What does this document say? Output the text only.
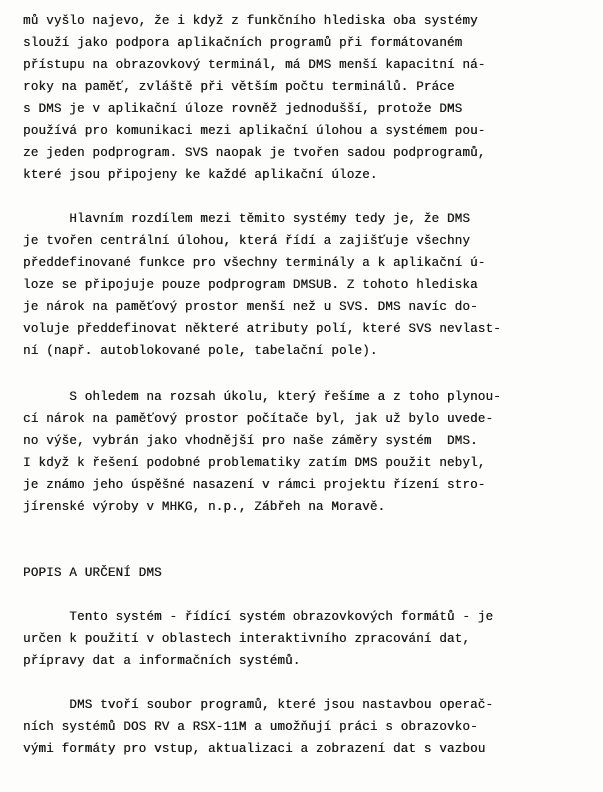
mů vyšlo najevo, že i když z funkčního hlediska oba systémy
slouží jako podpora aplikačních programů při formátovaném
přístupu na obrazovkový terminál, má DMS menší kapacitní ná-
roky na paměť, zvláště při větším počtu terminálů. Práce
s DMS je v aplikační úloze rovněž jednodušší, protože DMS
používá pro komunikaci mezi aplikační úlohou a systémem pou-
ze jeden podprogram. SVS naopak je tvořen sadou podprogramů,
které jsou připojeny ke každé aplikační úloze.
Hlavním rozdílem mezi těmito systémy tedy je, že DMS
je tvořen centrální úlohou, která řídí a zajišťuje všechny
předdefinované funkce pro všechny terminály a k aplikační ú-
loze se připojuje pouze podprogram DMSUB. Z tohoto hlediska
je nárok na paměťový prostor menší než u SVS. DMS navíc do-
voluje předdefinovat některé atributy polí, které SVS nevlast-
ní (např. autoblokované pole, tabelační pole).
S ohledem na rozsah úkolu, který řešíme a z toho plynou-
cí nárok na paměťový prostor počítače byl, jak už bylo uvede-
no výše, vybrán jako vhodnější pro naše záměry systém  DMS.
I když k řešení podobné problematiky zatím DMS použit nebyl,
je známo jeho úspěšné nasazení v rámci projektu řízení stro-
jírenské výroby v MHKG, n.p., Zábřeh na Moravě.
POPIS A URČENÍ DMS
Tento systém - řídící systém obrazovkových formátů - je
určen k použití v oblastech interaktivního zpracování dat,
přípravy dat a informačních systémů.
DMS tvoří soubor programů, které jsou nastavbou operač-
ních systémů DOS RV a RSX-11M a umožňují práci s obrazovko-
vými formáty pro vstup, aktualizaci a zobrazení dat s vazbou
